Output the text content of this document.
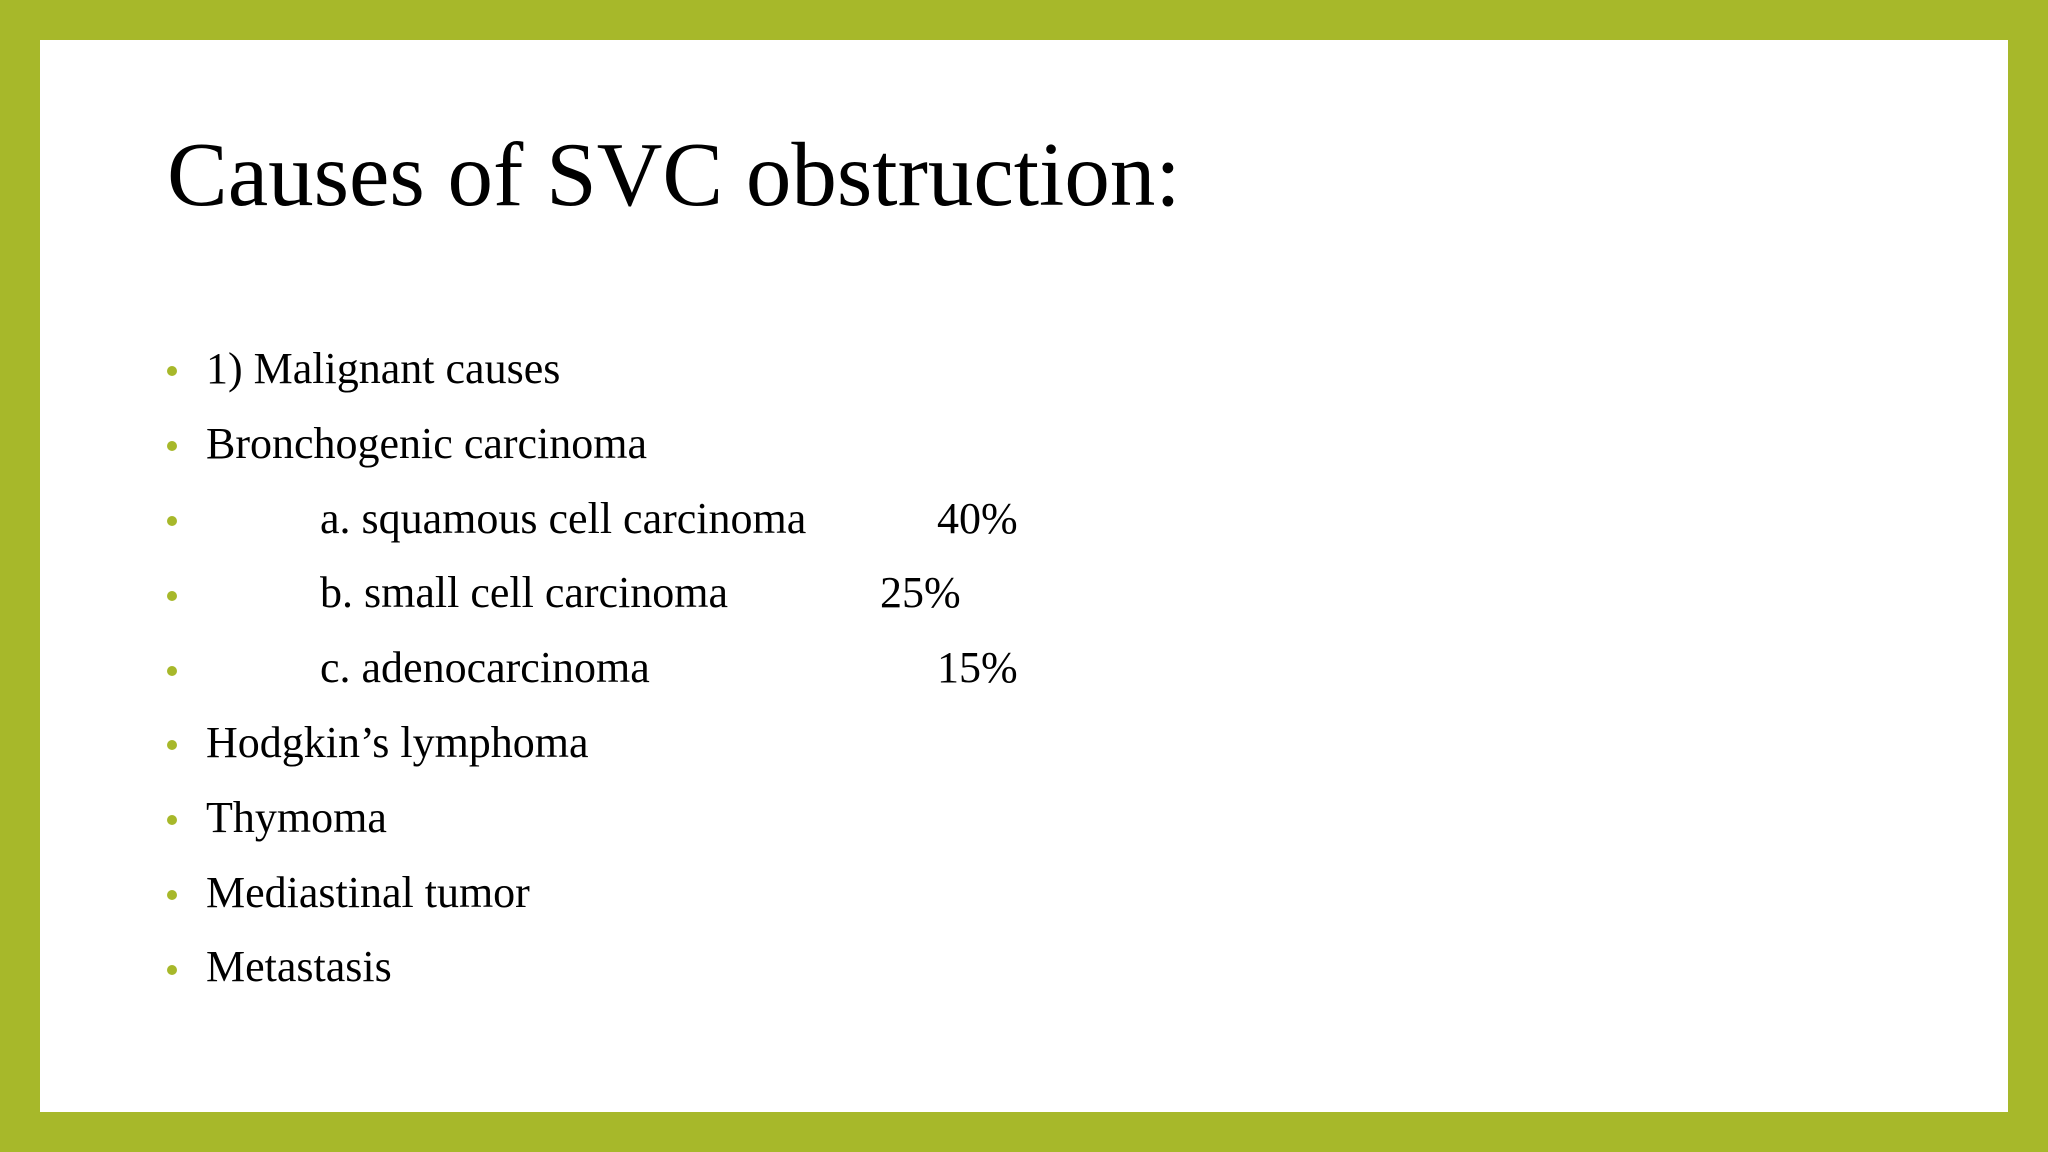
Causes of SVC obstruction:
1) Malignant causes
Bronchogenic carcinoma
a. squamous cell carcinoma	40%
b. small cell carcinoma	25%
c. adenocarcinoma	15%
Hodgkin’s lymphoma
Thymoma
Mediastinal tumor
Metastasis
